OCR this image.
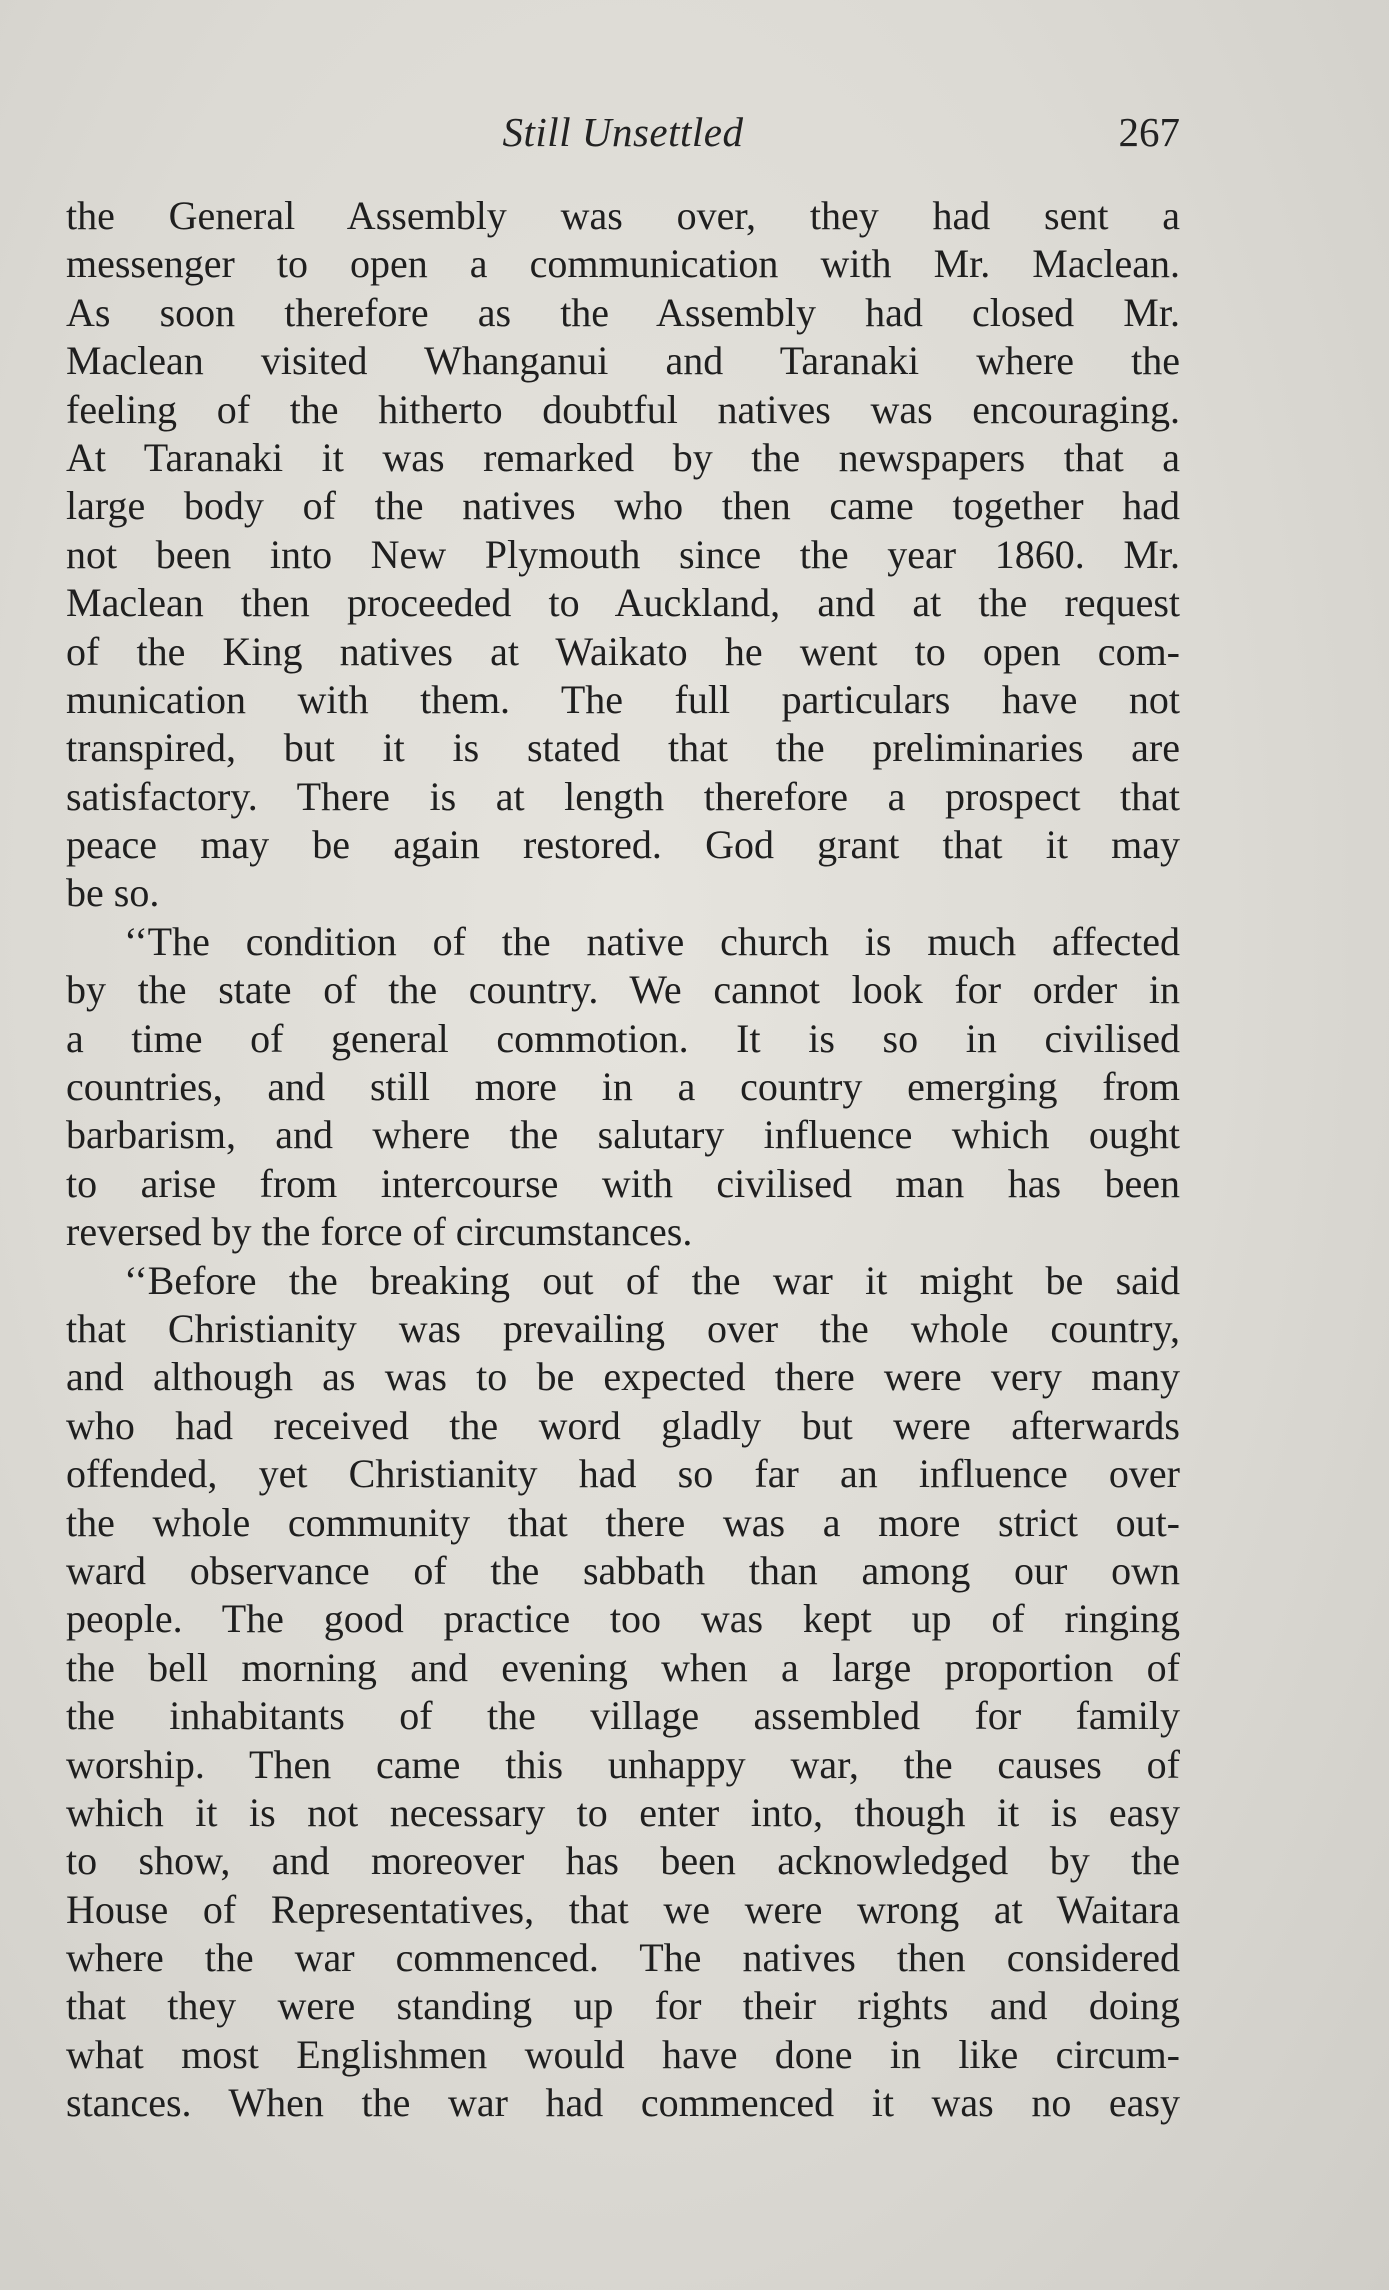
Still Unsettled	267
the General Assembly was over, they had sent a
messenger to open a communication with Mr. Maclean.
As soon therefore as the Assembly had closed Mr.
Maclean visited Whanganui and Taranaki where the
feeling of the hitherto doubtful natives was encouraging.
At Taranaki it was remarked by the newspapers that a
large body of the natives who then came together had
not been into New Plymouth since the year 1860. Mr.
Maclean then proceeded to Auckland, and at the request
of the King natives at Waikato he went to open com-
munication with them. The full particulars have not
transpired, but it is stated that the preliminaries are
satisfactory. There is at length therefore a prospect that
peace may be again restored. God grant that it may
be so.
‘‘The condition of the native church is much affected
by the state of the country. We cannot look for order in
a time of general commotion. It is so in civilised
countries, and still more in a country emerging from
barbarism, and where the salutary influence which ought
to arise from intercourse with civilised man has been
reversed by the force of circumstances.
‘‘Before the breaking out of the war it might be said
that Christianity was prevailing over the whole country,
and although as was to be expected there were very many
who had received the word gladly but were afterwards
offended, yet Christianity had so far an influence over
the whole community that there was a more strict out-
ward observance of the sabbath than among our own
people. The good practice too was kept up of ringing
the bell morning and evening when a large proportion of
the inhabitants of the village assembled for family
worship. Then came this unhappy war, the causes of
which it is not necessary to enter into, though it is easy
to show, and moreover has been acknowledged by the
House of Representatives, that we were wrong at Waitara
where the war commenced. The natives then considered
that they were standing up for their rights and doing
what most Englishmen would have done in like circum-
stances. When the war had commenced it was no easy
